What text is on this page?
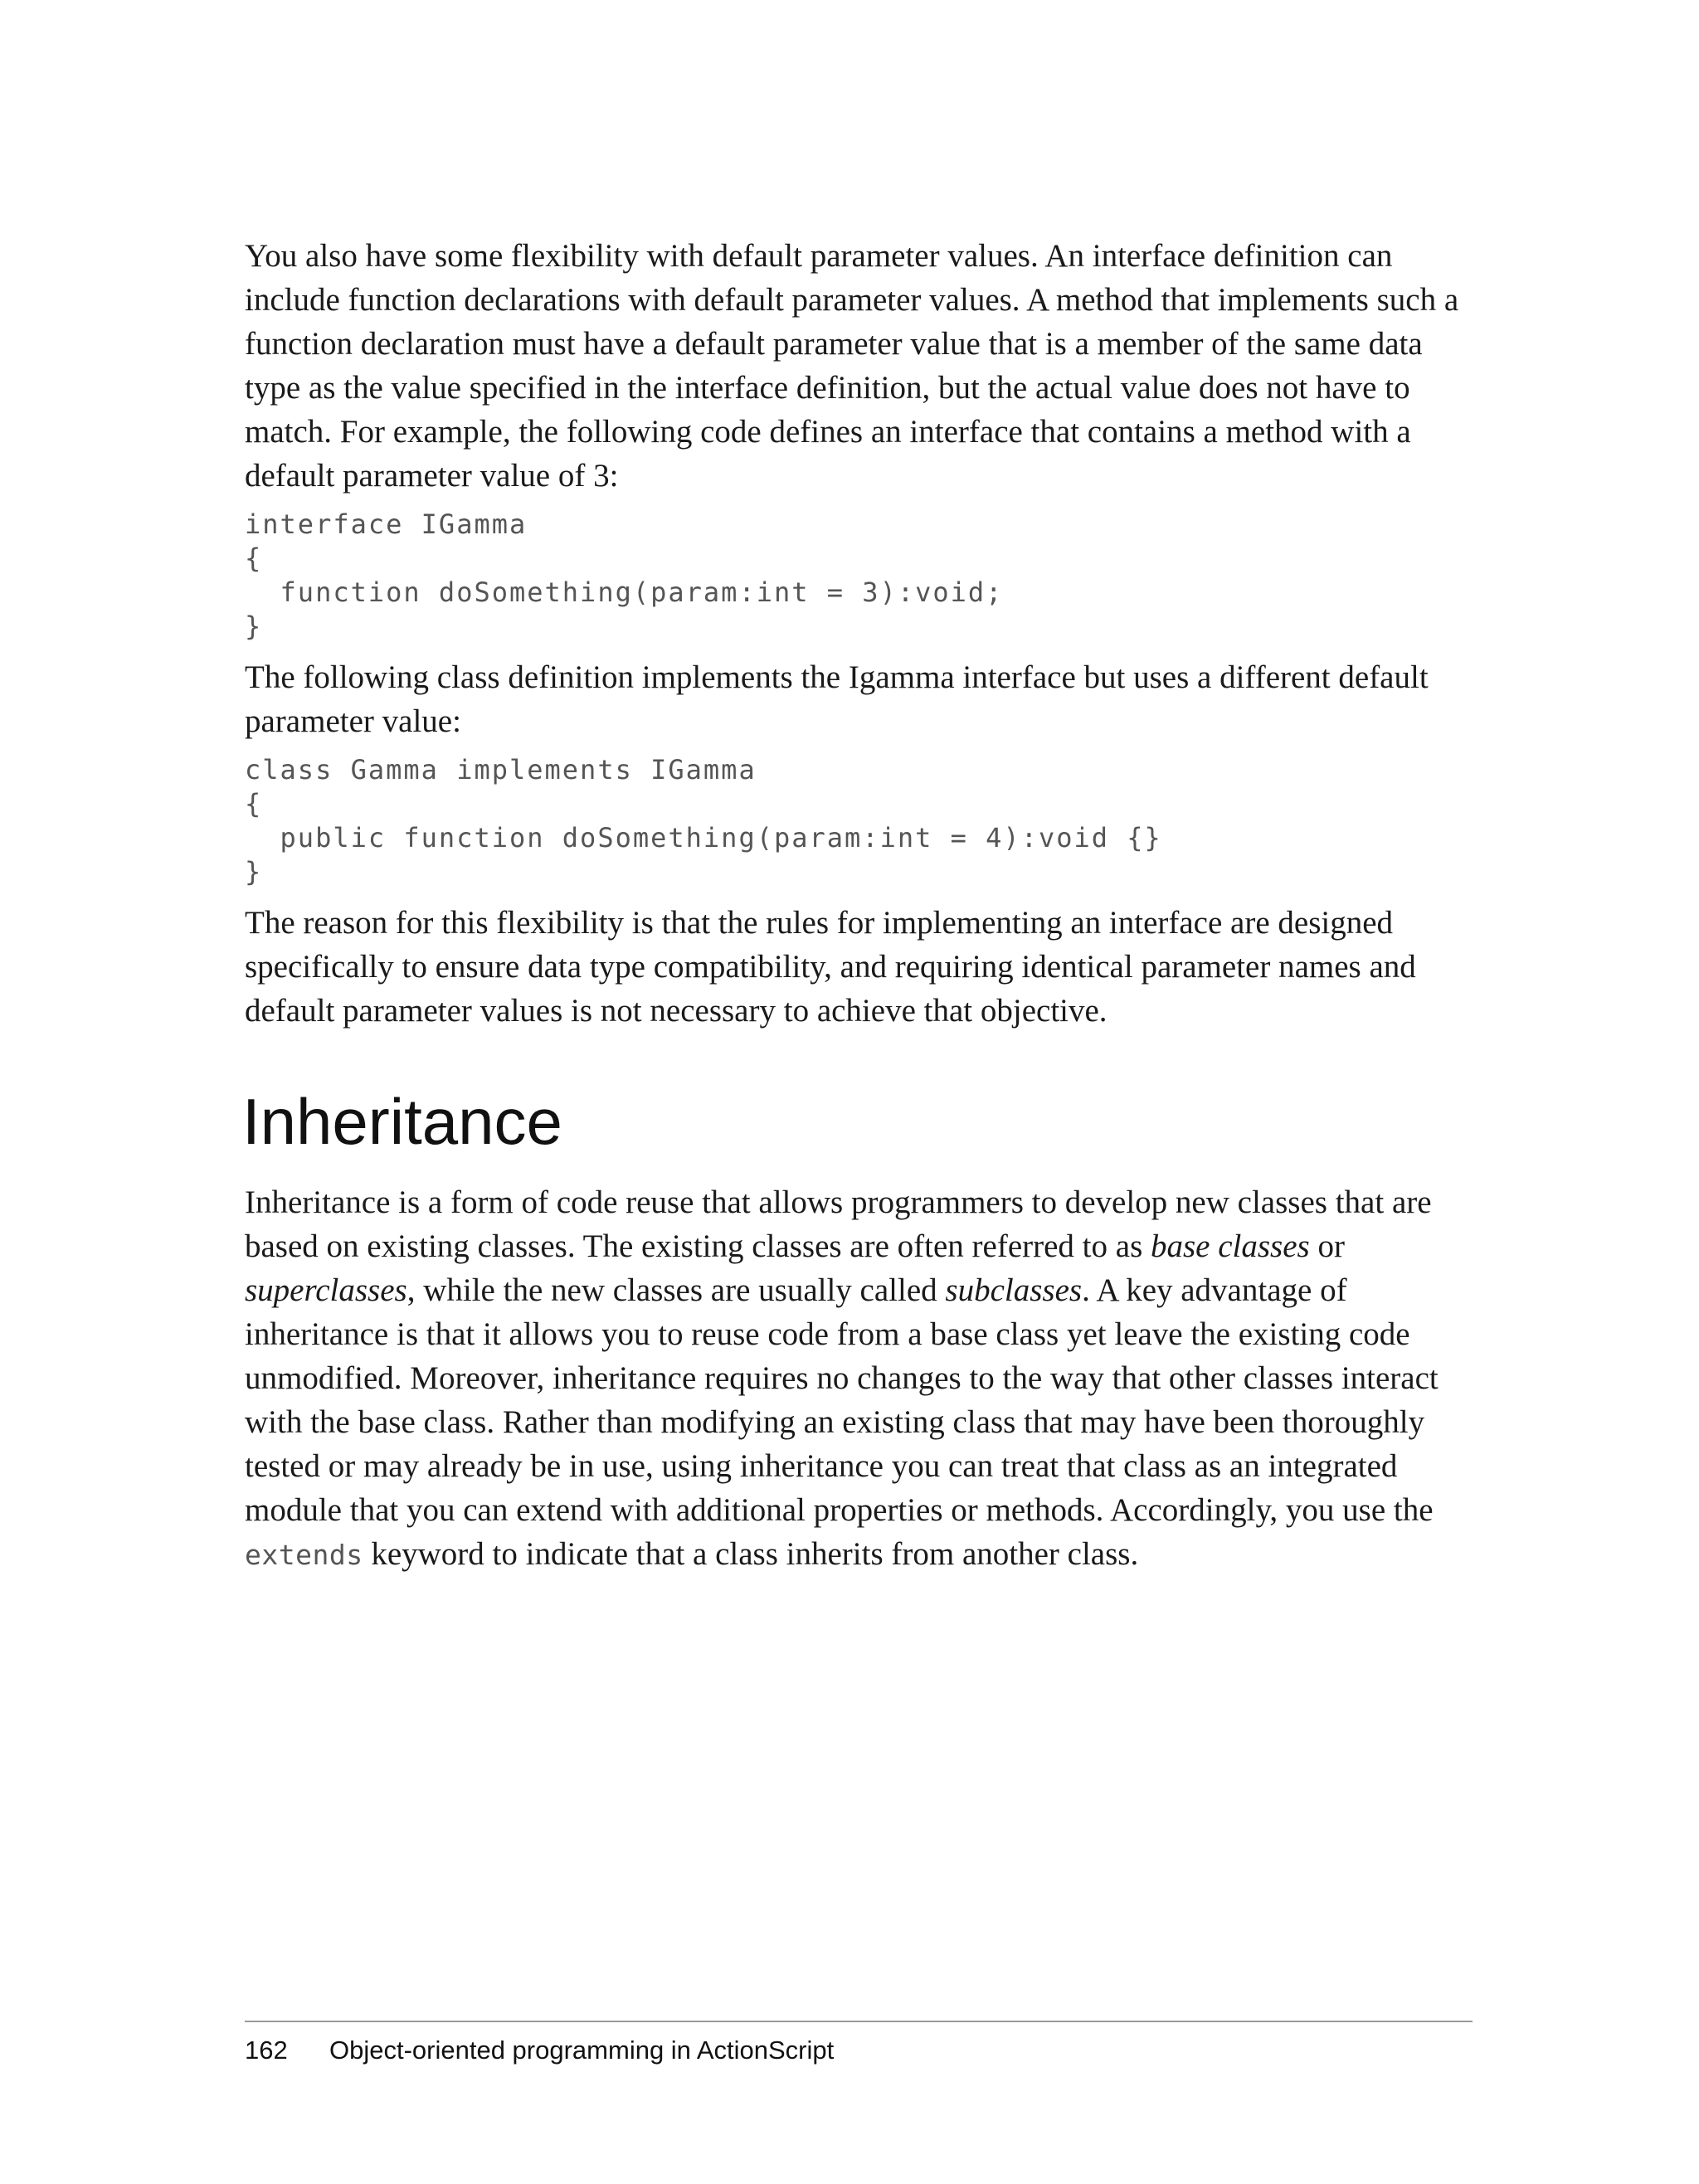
You also have some flexibility with default parameter values. An interface definition can include function declarations with default parameter values. A method that implements such a function declaration must have a default parameter value that is a member of the same data type as the value specified in the interface definition, but the actual value does not have to match. For example, the following code defines an interface that contains a method with a default parameter value of 3:

interface IGamma
{
function doSomething(param:int = 3):void;
}

The following class definition implements the Igamma interface but uses a different default parameter value:

class Gamma implements IGamma
{
public function doSomething(param:int = 4):void {}
}

The reason for this flexibility is that the rules for implementing an interface are designed specifically to ensure data type compatibility, and requiring identical parameter names and default parameter values is not necessary to achieve that objective.

Inheritance

Inheritance is a form of code reuse that allows programmers to develop new classes that are based on existing classes. The existing classes are often referred to as base classes or superclasses, while the new classes are usually called subclasses. A key advantage of inheritance is that it allows you to reuse code from a base class yet leave the existing code unmodified. Moreover, inheritance requires no changes to the way that other classes interact with the base class. Rather than modifying an existing class that may have been thoroughly tested or may already be in use, using inheritance you can treat that class as an integrated module that you can extend with additional properties or methods. Accordingly, you use the extends keyword to indicate that a class inherits from another class.

162 Object-oriented programming in ActionScript
